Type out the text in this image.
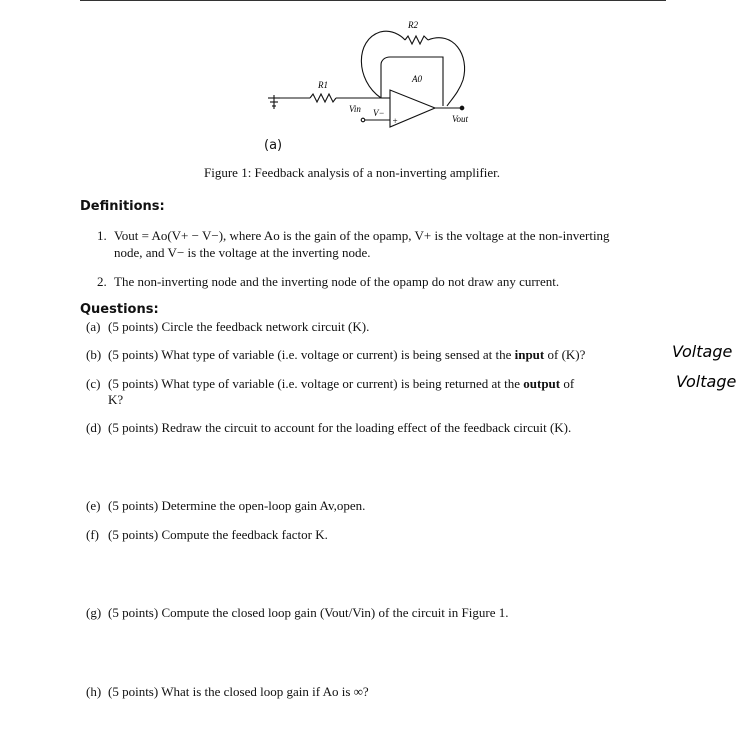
R2
R1
A0
Vin V−
Vout
+
(a)
Figure 1: Feedback analysis of a non-inverting amplifier.
Definitions:
1. Vout = Ao(V+ − V−), where Ao is the gain of the opamp, V+ is the voltage at the non-inverting
node, and V− is the voltage at the inverting node.
2. The non-inverting node and the inverting node of the opamp do not draw any current.
Questions:
(a) (5 points) Circle the feedback network circuit (K).
(b) (5 points) What type of variable (i.e. voltage or current) is being sensed at the input of (K)?	Voltage
(c) (5 points) What type of variable (i.e. voltage or current) is being returned at the output of
K?
Voltage
(d) (5 points) Redraw the circuit to account for the loading effect of the feedback circuit (K).
(e) (5 points) Determine the open-loop gain Av,open.
(f) (5 points) Compute the feedback factor K.
(g) (5 points) Compute the closed loop gain (Vout/Vin) of the circuit in Figure 1.
(h) (5 points) What is the closed loop gain if Ao is ∞?
